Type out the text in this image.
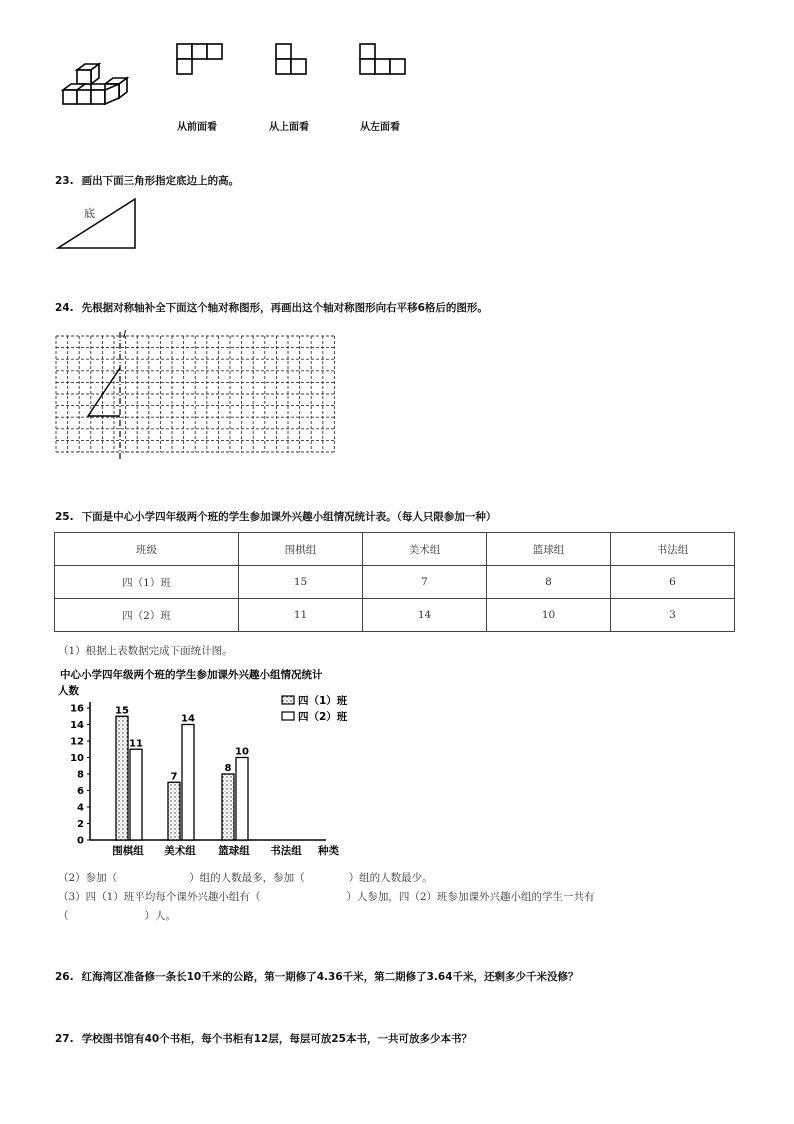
从前面看	从上面看	从左面看
23. 画出下面三角形指定底边上的高。
底
24. 先根据对称轴补全下面这个轴对称图形，再画出这个轴对称图形向右平移6格后的图形。
l
25. 下面是中心小学四年级两个班的学生参加课外兴趣小组情况统计表。（每人只限参加一种）
班级	围棋组	美术组	篮球组	书法组
四（1）班	15	7	8	6
四（2）班	11	14	10	3
（1）根据上表数据完成下面统计图。
中心小学四年级两个班的学生参加课外兴趣小组情况统计
人数
种类
0
2
4
6
8
10
12
14
16
围棋组 美术组 篮球组 书法组
15
11
7
14
8
10
四（1）班
四（2）班
（2）参加（	）组的人数最多，参加（	）组的人数最少。
（3）四（1）班平均每个课外兴趣小组有（	）人参加，四（2）班参加课外兴趣小组的学生一共有
（	）人。
26. 红海湾区准备修一条长10千米的公路，第一期修了4.36千米，第二期修了3.64千米，还剩多少千米没修？
27. 学校图书馆有40个书柜，每个书柜有12层，每层可放25本书，一共可放多少本书？
